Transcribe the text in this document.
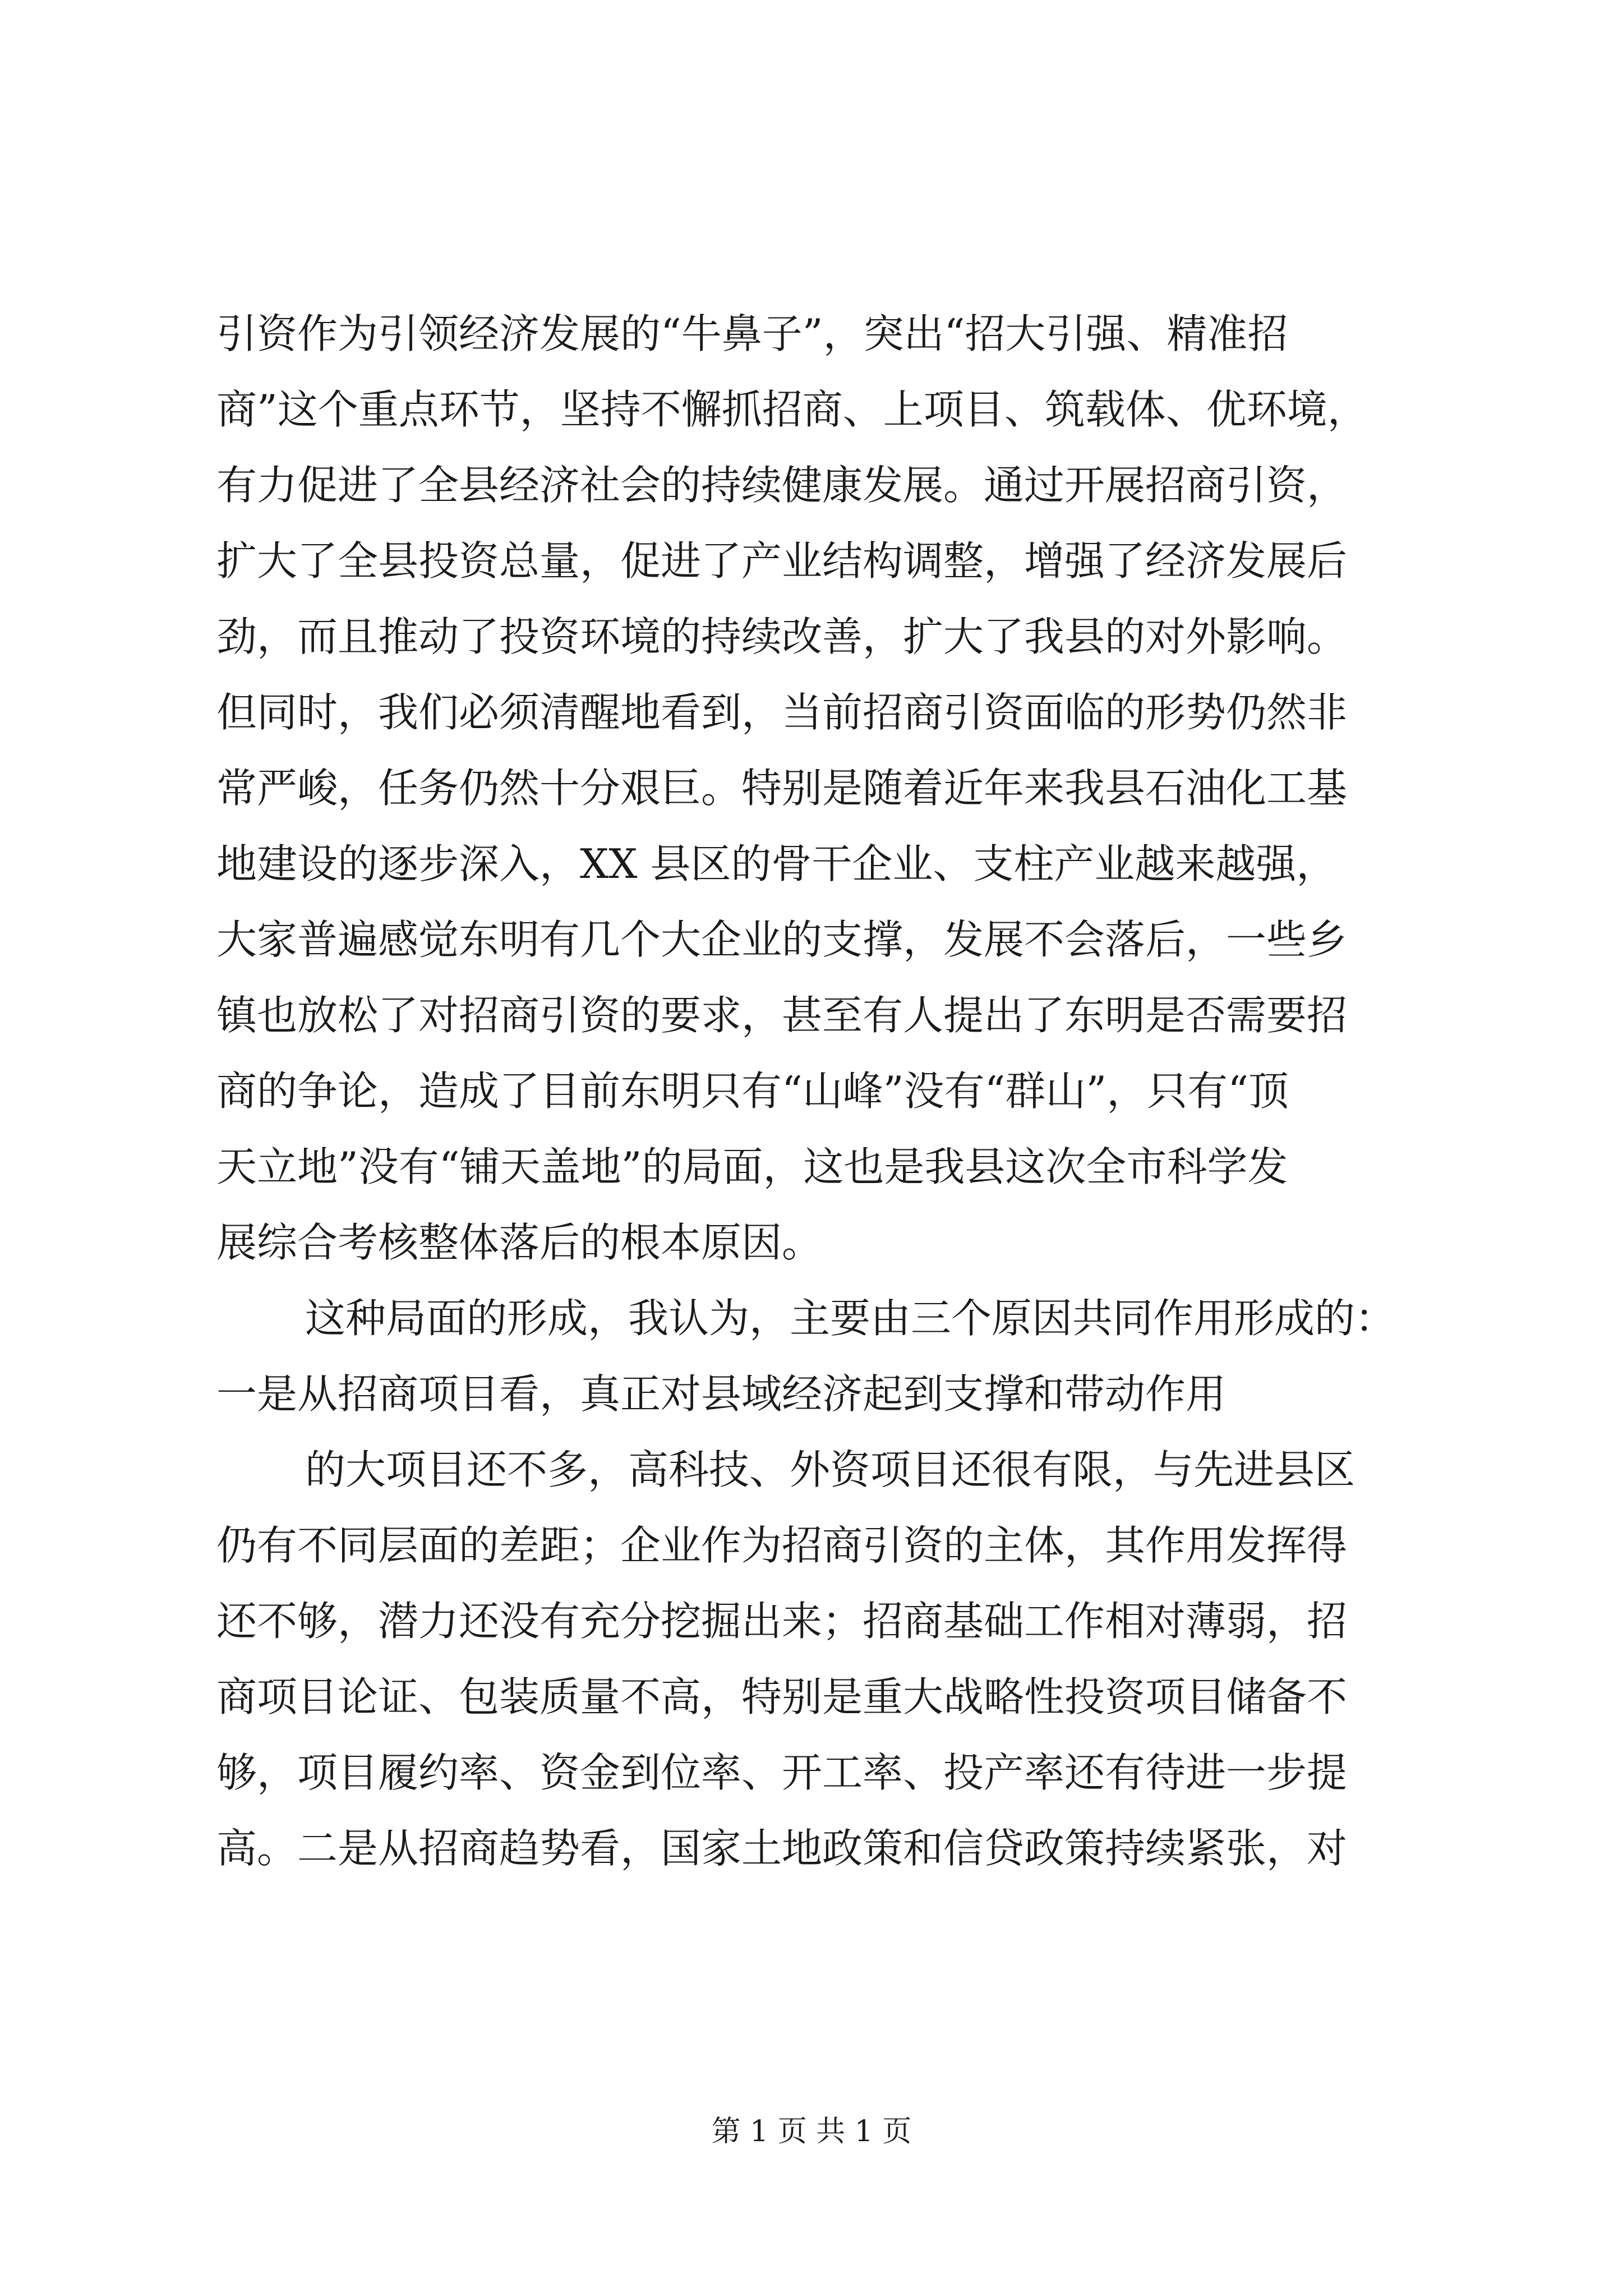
引资作为引领经济发展的“牛鼻子”，突出“招大引强、精准招
商”这个重点环节，坚持不懈抓招商、上项目、筑载体、优环境，
有力促进了全县经济社会的持续健康发展。通过开展招商引资，
扩大了全县投资总量，促进了产业结构调整，增强了经济发展后
劲，而且推动了投资环境的持续改善，扩大了我县的对外影响。
但同时，我们必须清醒地看到，当前招商引资面临的形势仍然非
常严峻，任务仍然十分艰巨。特别是随着近年来我县石油化工基
地建设的逐步深入，XX 县区的骨干企业、支柱产业越来越强，
大家普遍感觉东明有几个大企业的支撑，发展不会落后，一些乡
镇也放松了对招商引资的要求，甚至有人提出了东明是否需要招
商的争论，造成了目前东明只有“山峰”没有“群山”，只有“顶
天立地”没有“铺天盖地”的局面，这也是我县这次全市科学发
展综合考核整体落后的根本原因。
这种局面的形成，我认为，主要由三个原因共同作用形成的：
一是从招商项目看，真正对县域经济起到支撑和带动作用
的大项目还不多，高科技、外资项目还很有限，与先进县区
仍有不同层面的差距；企业作为招商引资的主体，其作用发挥得
还不够，潜力还没有充分挖掘出来；招商基础工作相对薄弱，招
商项目论证、包装质量不高，特别是重大战略性投资项目储备不
够，项目履约率、资金到位率、开工率、投产率还有待进一步提
高。二是从招商趋势看，国家土地政策和信贷政策持续紧张，对
第 1 页 共 1 页
